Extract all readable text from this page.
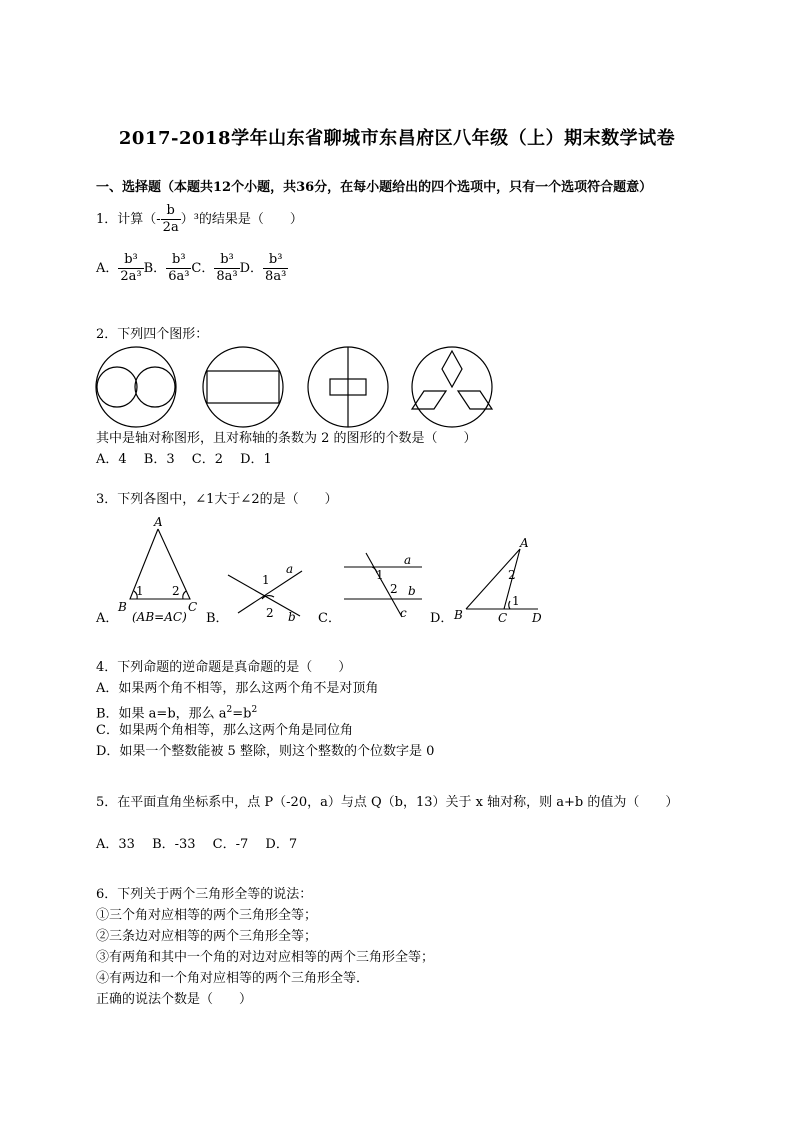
2017-2018学年山东省聊城市东昌府区八年级（上）期末数学试卷
一、选择题（本题共12个小题，共36分，在每小题给出的四个选项中，只有一个选项符合题意）
1．计算（- $\frac{b}{2a} )^3$的结果是（　　）
A． $\frac{\text{b³}}{\text{2a³}}$ B． $\frac{\text{b³}}{\text{6a³}}$ C． $\frac{\text{b³}}{\text{8a³}}$ D． $\frac{\text{b³}}{\text{8a³}}$
2．下列四个图形：
其中是轴对称图形，且对称轴的条数为 2 的图形的个数是（　　）
A．4　 B．3　 C．2　 D．1
3．下列各图中，∠1大于∠2的是（　　）
A．	B．	C．	D．
A
B	C
1 2
(AB=AC)
1
2
a
b
1
2
a
b
c
A
B	C D
2
1
4．下列命题的逆命题是真命题的是（　　）
A．如果两个角不相等，那么这两个角不是对顶角
B．如果 a=b，那么 $a^2=b^2$
C．如果两个角相等，那么这两个角是同位角
D．如果一个整数能被 5 整除，则这个整数的个位数字是 0
5．在平面直角坐标系中，点 P（-20，a）与点 Q（b，13）关于 x 轴对称，则 a+b 的值为（　　）
A．33　 B．-33　 C．-7　 D．7
6．下列关于两个三角形全等的说法：
①三个角对应相等的两个三角形全等；
②三条边对应相等的两个三角形全等；
③有两角和其中一个角的对边对应相等的两个三角形全等；
④有两边和一个角对应相等的两个三角形全等．
正确的说法个数是（　　）
